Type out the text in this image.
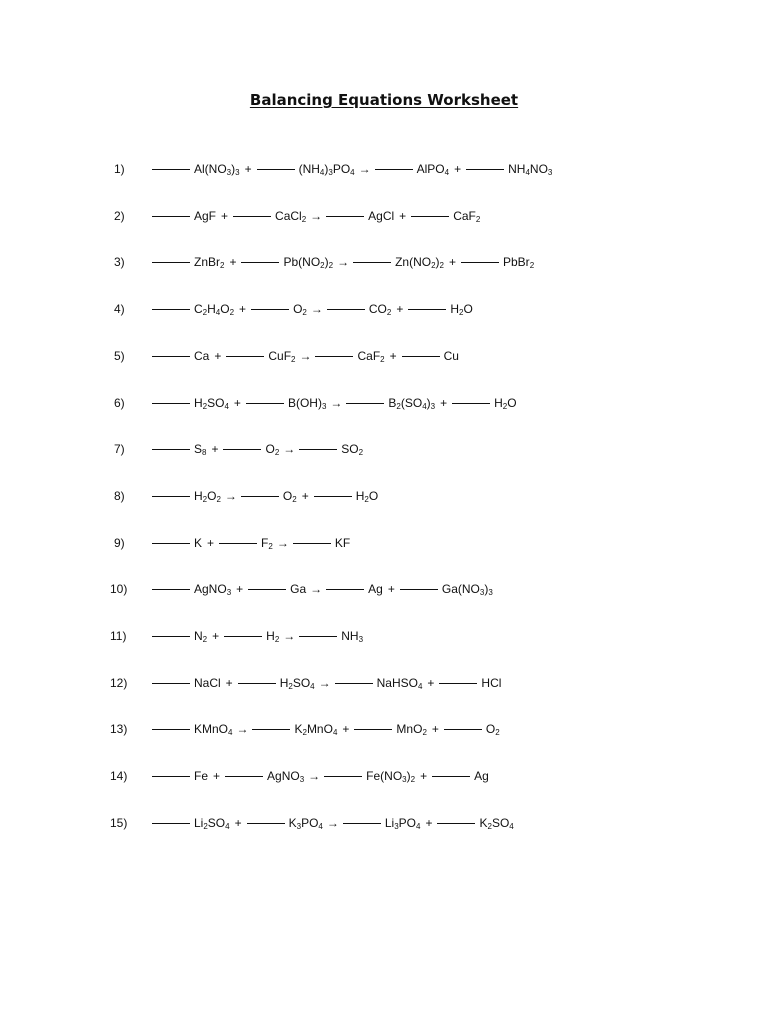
Balancing Equations Worksheet
1)	$Al(NO_3)_3$ +	$(NH_4)_3PO_4$ →	AlPO$_4$ +	$NH_4NO_3$
2)	AgF +	CaCl$_2$ →	AgCl +	CaF$_2$
3)	ZnBr$_2$ +	$Pb(NO_2)_2$ →	$Zn(NO_2)_2$ +	PbBr$_2$
4)	$C_2H_4O_2$ +	$O_2$ →	$CO_2$ +	$H_2O$
5)	Ca +	CuF$_2$ →	CaF$_2$ +	Cu
6)	$H_2SO_4$ +	$B(OH)_3$ →	$B_2(SO_4)_3$ +	$H_2O$
7)	$S_8$ +	$O_2$ →	$SO_2$
8)	$H_2O_2$ →	$O_2$ +	$H_2O$
9)	K +	$F_2$ →	KF
10)	AgNO$_3$ +	Ga →	Ag +	$Ga(NO_3)_3$
11)	$N_2$ +	$H_2$ →	$NH_3$
12)	NaCl +	$H_2SO_4$ →	NaHSO$_4$ +	HCl
13)	KMnO$_4$ →	$K_2MnO_4$ +	MnO$_2$ +	$O_2$
14)	Fe +	AgNO$_3$ →	$Fe(NO_3)_2$ +	Ag
15)	$Li_2SO_4$ +	$K_3PO_4$ →	$Li_3PO_4$ +	$K_2SO_4$
